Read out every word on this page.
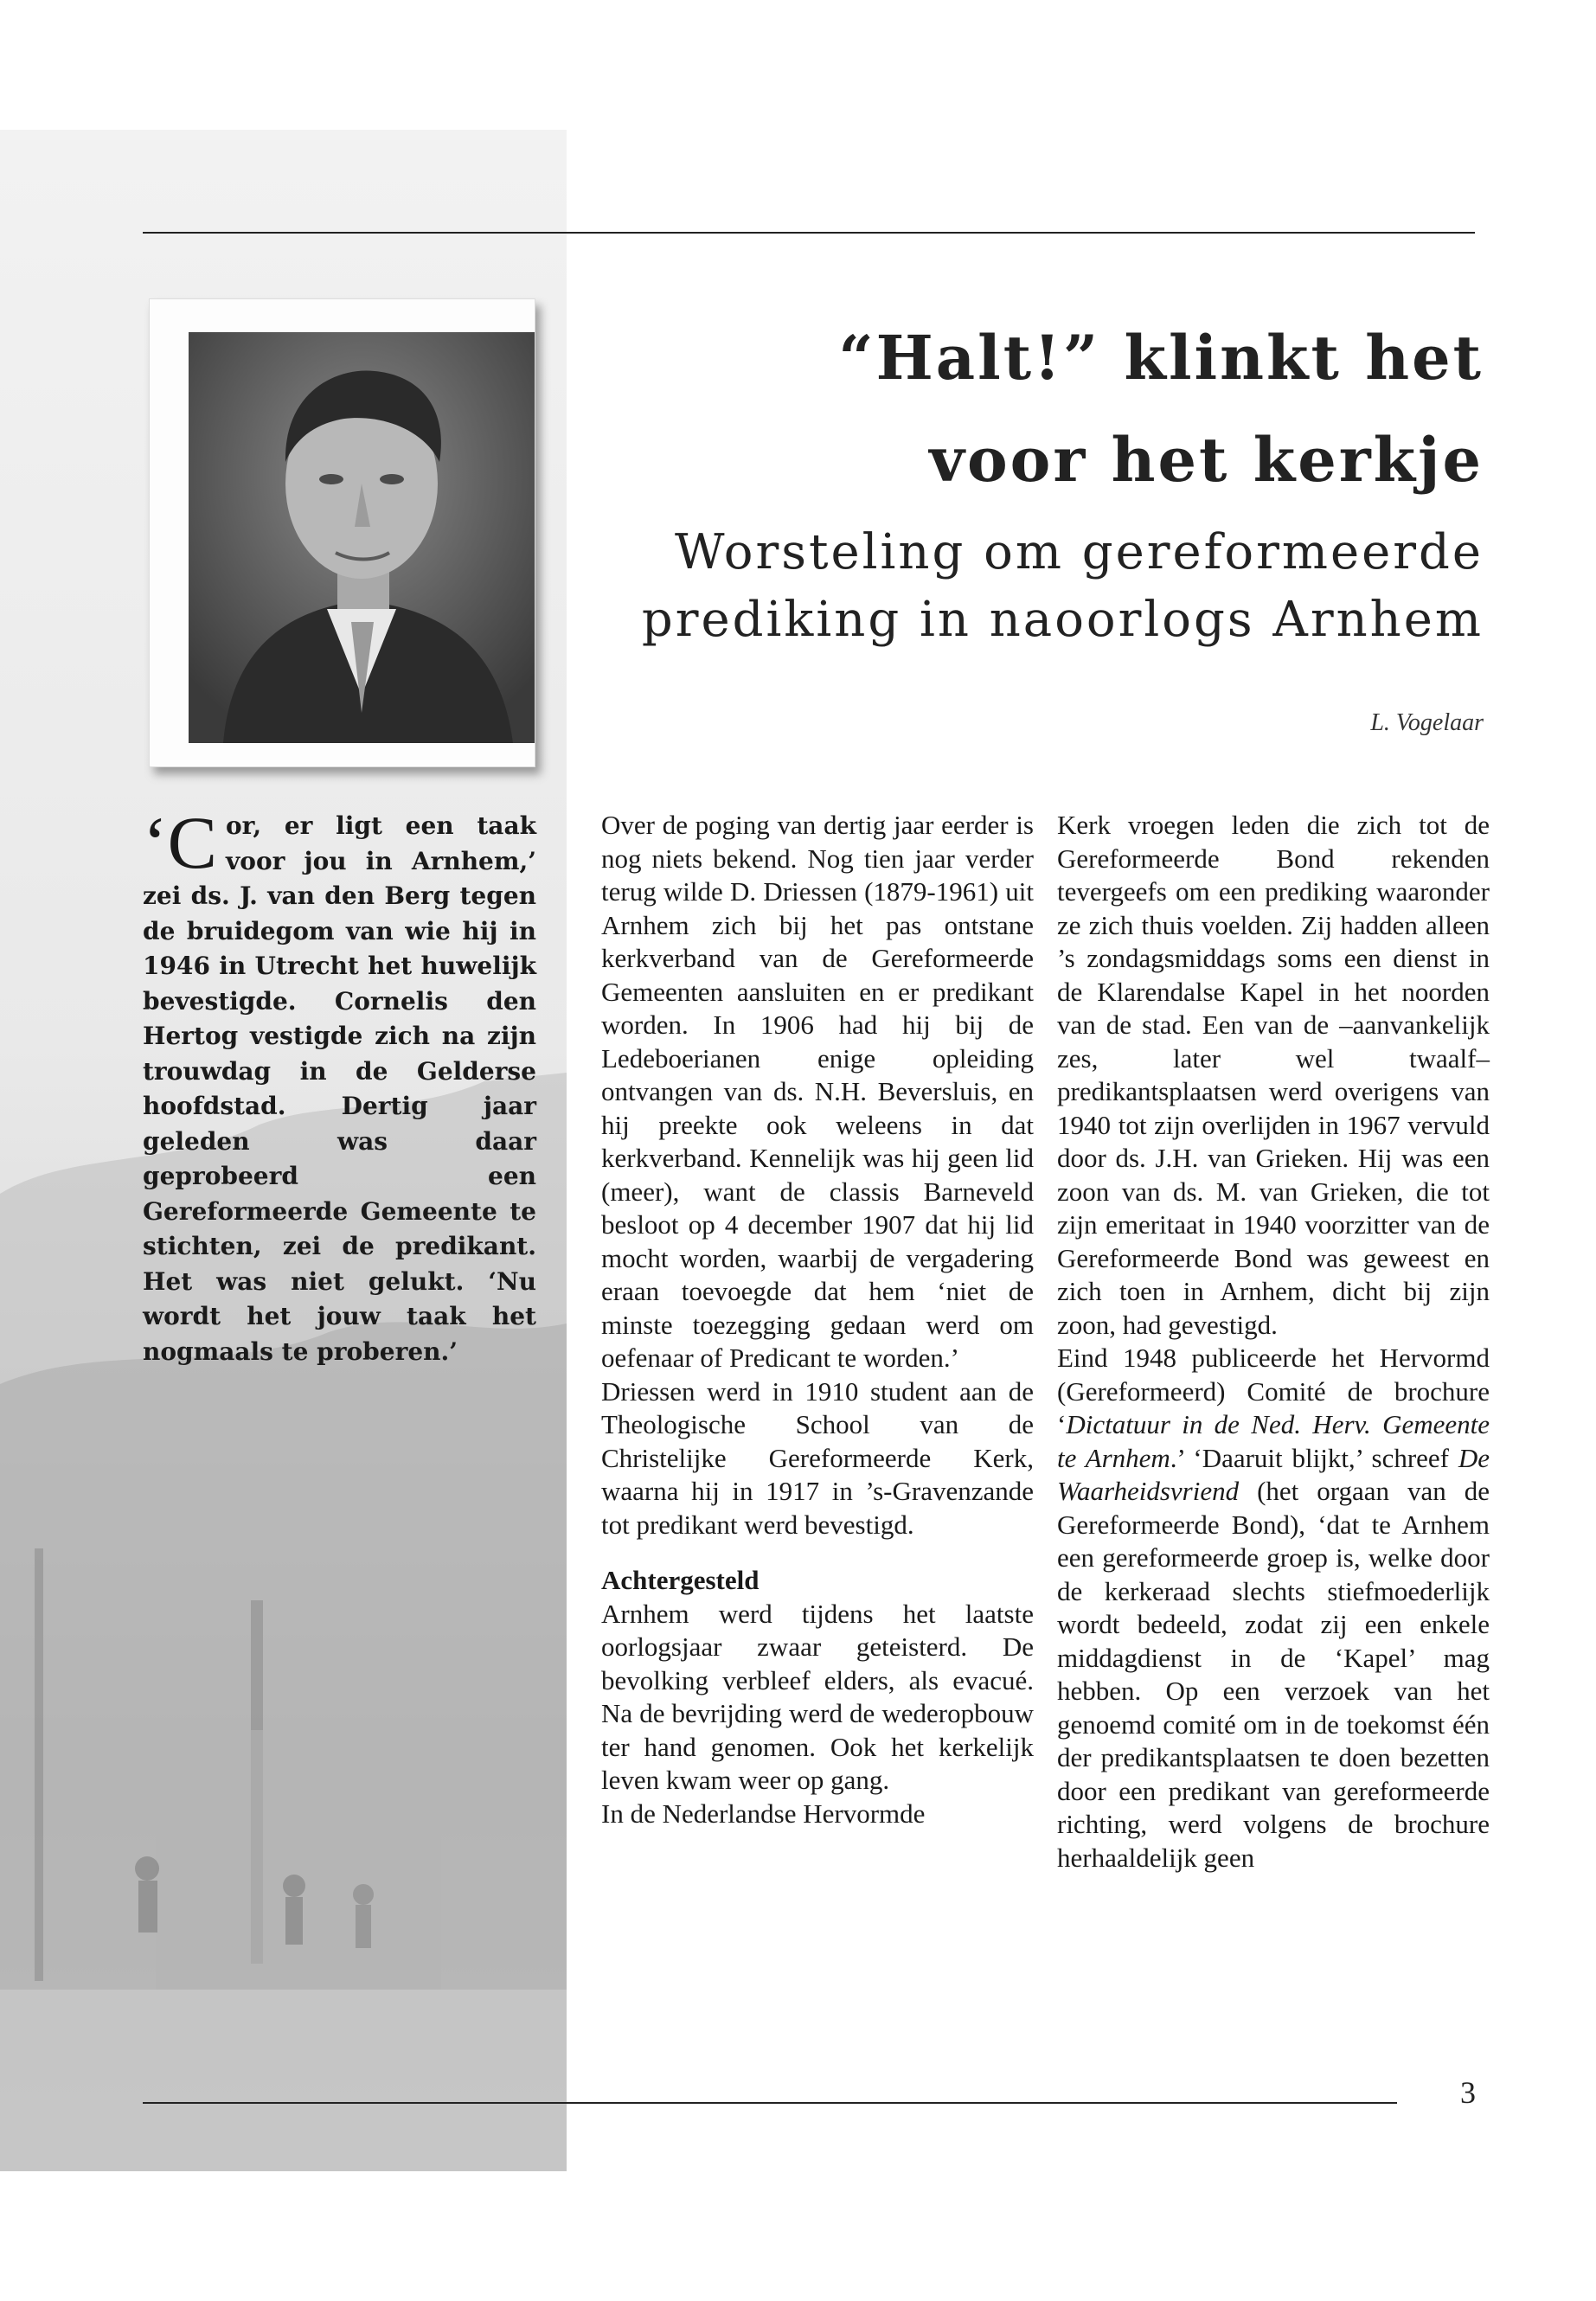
“Halt!” klinkt het
voor het kerkje
Worsteling om gereformeerde
prediking in naoorlogs Arnhem
L. Vogelaar
‘C or, er ligt een taak voor jou in Arnhem,’ zei ds. J. van den Berg tegen de bruidegom van wie hij in 1946 in Utrecht het huwelijk bevestigde. Cornelis den Hertog vestigde zich na zijn trouwdag in de Gelderse hoofdstad. Dertig jaar geleden was daar geprobeerd een Gereformeerde Gemeente te stichten, zei de predikant. Het was niet gelukt. ‘Nu wordt het jouw taak het nogmaals te proberen.’

Over de poging van dertig jaar eerder is nog niets bekend. Nog tien jaar verder terug wilde D. Driessen (1879-1961) uit Arnhem zich bij het pas ontstane kerkverband van de Gereformeerde Gemeenten aansluiten en er predikant worden. In 1906 had hij bij de Ledeboerianen enige opleiding ontvangen van ds. N.H. Beversluis, en hij preekte ook weleens in dat kerkverband. Kennelijk was hij geen lid (meer), want de classis Barneveld besloot op 4 december 1907 dat hij lid mocht worden, waarbij de vergadering eraan toevoegde dat hem ‘niet de minste toezegging gedaan werd om oefenaar of Predicant te worden.’

Driessen werd in 1910 student aan de Theologische School van de Christelijke Gereformeerde Kerk, waarna hij in 1917 in ’s-Gravenzande tot predikant werd bevestigd.

Achtergesteld

Arnhem werd tijdens het laatste oorlogsjaar zwaar geteisterd. De bevolking verbleef elders, als evacué. Na de bevrijding werd de wederopbouw ter hand genomen. Ook het kerkelijk leven kwam weer op gang.

In de Nederlandse Hervormde

Kerk vroegen leden die zich tot de Gereformeerde Bond rekenden tevergeefs om een prediking waaronder ze zich thuis voelden. Zij hadden alleen ’s zondagsmiddags soms een dienst in de Klarendalse Kapel in het noorden van de stad. Een van de –aanvankelijk zes, later wel twaalf– predikantsplaatsen werd overigens van 1940 tot zijn overlijden in 1967 vervuld door ds. J.H. van Grieken. Hij was een zoon van ds. M. van Grieken, die tot zijn emeritaat in 1940 voorzitter van de Gereformeerde Bond was geweest en zich toen in Arnhem, dicht bij zijn zoon, had gevestigd.

Eind 1948 publiceerde het Hervormd (Gereformeerd) Comité de brochure ‘Dictatuur in de Ned. Herv. Gemeente te Arnhem.’ ‘Daaruit blijkt,’ schreef De Waarheidsvriend (het orgaan van de Gereformeerde Bond), ‘dat te Arnhem een gereformeerde groep is, welke door de kerkeraad slechts stiefmoederlijk wordt bedeeld, zodat zij een enkele middagdienst in de ‘Kapel’ mag hebben. Op een verzoek van het genoemd comité om in de toekomst één der predikantsplaatsen te doen bezetten door een predikant van gereformeerde richting, werd volgens de brochure herhaaldelijk geen

3
